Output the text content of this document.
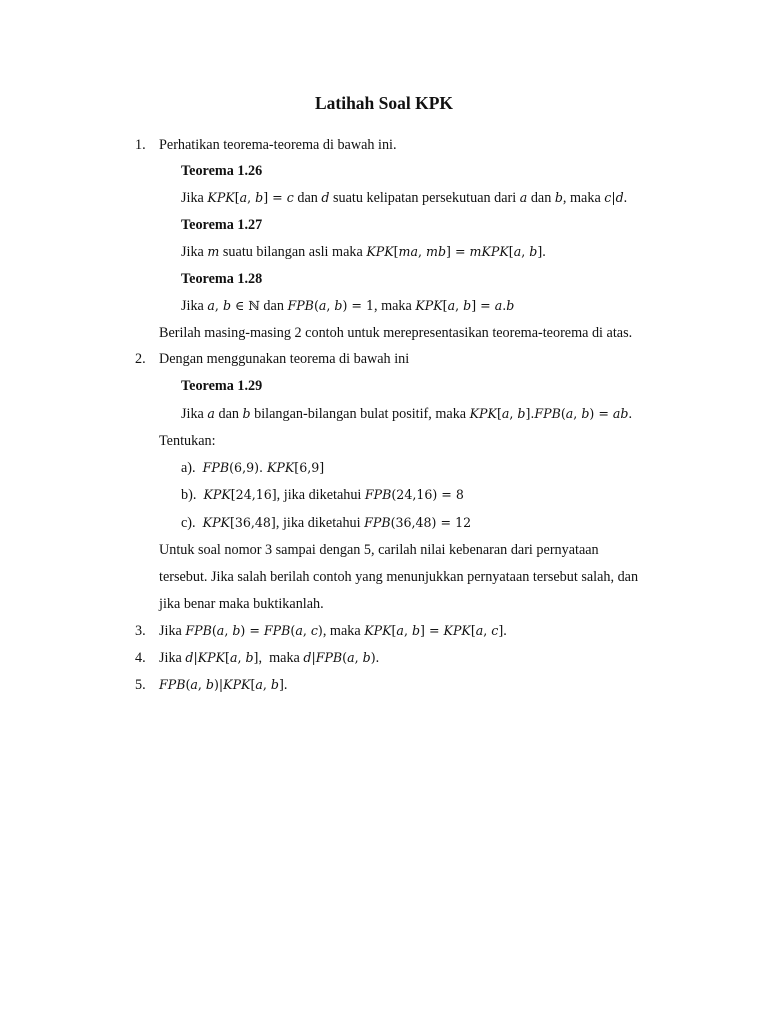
Latihah Soal KPK
1. Perhatikan teorema-teorema di bawah ini.
Teorema 1.26
Jika KPK[a, b] = c dan d suatu kelipatan persekutuan dari a dan b, maka c|d.
Teorema 1.27
Jika m suatu bilangan asli maka KPK[ma, mb] = mKPK[a, b].
Teorema 1.28
Jika a, b ∈ ℕ dan FPB(a, b) = 1, maka KPK[a, b] = a.b
Berilah masing-masing 2 contoh untuk merepresentasikan teorema-teorema di atas.
2. Dengan menggunakan teorema di bawah ini
Teorema 1.29
Jika a dan b bilangan-bilangan bulat positif, maka KPK[a, b].FPB(a, b) = ab.
Tentukan:
a). FPB(6,9). KPK[6,9]
b). KPK[24,16], jika diketahui FPB(24,16) = 8
c). KPK[36,48], jika diketahui FPB(36,48) = 12
Untuk soal nomor 3 sampai dengan 5, carilah nilai kebenaran dari pernyataan
tersebut. Jika salah berilah contoh yang menunjukkan pernyataan tersebut salah, dan
jika benar maka buktikanlah.
3. Jika FPB(a, b) = FPB(a, c), maka KPK[a, b] = KPK[a, c].
4. Jika d|KPK[a, b],  maka d|FPB(a, b).
5. FPB(a, b)|KPK[a, b].
